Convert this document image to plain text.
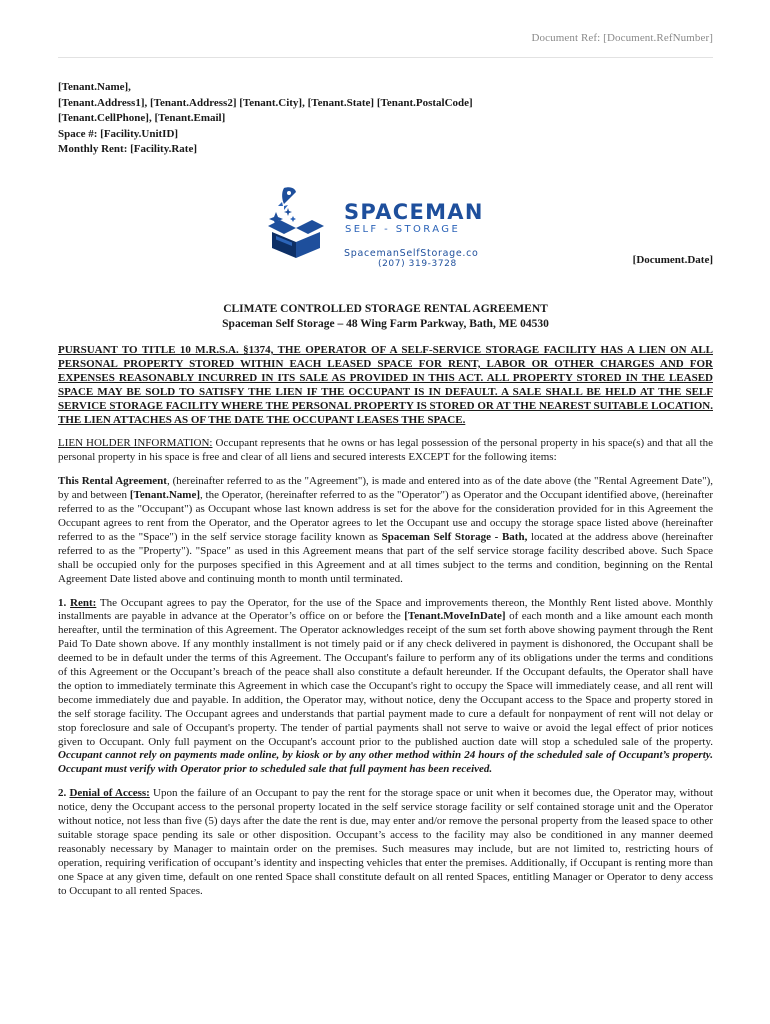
Document Ref: [Document.RefNumber]
[Tenant.Name],
[Tenant.Address1], [Tenant.Address2] [Tenant.City], [Tenant.State] [Tenant.PostalCode]
[Tenant.CellPhone], [Tenant.Email]
Space #: [Facility.UnitID]
Monthly Rent: [Facility.Rate]
SPACEMAN
SELF - STORAGE
SpacemanSelfStorage.co
(207) 319-3728	[Document.Date]
CLIMATE CONTROLLED STORAGE RENTAL AGREEMENT
Spaceman Self Storage – 48 Wing Farm Parkway, Bath, ME 04530

PURSUANT TO TITLE 10 M.R.S.A. §1374, THE OPERATOR OF A SELF-SERVICE STORAGE FACILITY HAS A LIEN ON ALL PERSONAL PROPERTY STORED WITHIN EACH LEASED SPACE FOR RENT, LABOR OR OTHER CHARGES AND FOR EXPENSES REASONABLY INCURRED IN ITS SALE AS PROVIDED IN THIS ACT. ALL PROPERTY STORED IN THE LEASED SPACE MAY BE SOLD TO SATISFY THE LIEN IF THE OCCUPANT IS IN DEFAULT. A SALE SHALL BE HELD AT THE SELF SERVICE STORAGE FACILITY WHERE THE PERSONAL PROPERTY IS STORED OR AT THE NEAREST SUITABLE LOCATION. THE LIEN ATTACHES AS OF THE DATE THE OCCUPANT LEASES THE SPACE.

LIEN HOLDER INFORMATION: Occupant represents that he owns or has legal possession of the personal property in his space(s) and that all the personal property in his space is free and clear of all liens and secured interests EXCEPT for the following items:

This Rental Agreement, (hereinafter referred to as the "Agreement"), is made and entered into as of the date above (the "Rental Agreement Date"), by and between [Tenant.Name], the Operator, (hereinafter referred to as the "Operator") as Operator and the Occupant identified above, (hereinafter referred to as the "Occupant") as Occupant whose last known address is set for the above for the consideration provided for in this Agreement the Occupant agrees to rent from the Operator, and the Operator agrees to let the Occupant use and occupy the storage space listed above (hereinafter referred to as the "Space") in the self service storage facility known as Spaceman Self Storage - Bath, located at the address above (hereinafter referred to as the "Property"). "Space" as used in this Agreement means that part of the self service storage facility described above. Such Space shall be occupied only for the purposes specified in this Agreement and at all times subject to the terms and condition, beginning on the Rental Agreement Date listed above and continuing month to month until terminated.

1. Rent: The Occupant agrees to pay the Operator, for the use of the Space and improvements thereon, the Monthly Rent listed above. Monthly installments are payable in advance at the Operator’s office on or before the [Tenant.MoveInDate] of each month and a like amount each month hereafter, until the termination of this Agreement. The Operator acknowledges receipt of the sum set forth above showing payment through the Rent Paid To Date shown above. If any monthly installment is not timely paid or if any check delivered in payment is dishonored, the Occupant shall be deemed to be in default under the terms of this Agreement. The Occupant's failure to perform any of its obligations under the terms and conditions of this Agreement or the Occupant’s breach of the peace shall also constitute a default hereunder. If the Occupant defaults, the Operator shall have the option to immediately terminate this Agreement in which case the Occupant's right to occupy the Space will immediately cease, and all rent will become immediately due and payable. In addition, the Operator may, without notice, deny the Occupant access to the Space and property stored in the self storage facility. The Occupant agrees and understands that partial payment made to cure a default for nonpayment of rent will not delay or stop foreclosure and sale of Occupant's property. The tender of partial payments shall not serve to waive or avoid the legal effect of prior notices given to Occupant. Only full payment on the Occupant's account prior to the published auction date will stop a scheduled sale of the property. Occupant cannot rely on payments made online, by kiosk or by any other method within 24 hours of the scheduled sale of Occupant’s property. Occupant must verify with Operator prior to scheduled sale that full payment has been received.

2. Denial of Access: Upon the failure of an Occupant to pay the rent for the storage space or unit when it becomes due, the Operator may, without notice, deny the Occupant access to the personal property located in the self service storage facility or self contained storage unit and the Operator without notice, not less than five (5) days after the date the rent is due, may enter and/or remove the personal property from the leased space to other suitable storage space pending its sale or other disposition. Occupant’s access to the facility may also be conditioned in any manner deemed reasonably necessary by Manager to maintain order on the premises. Such measures may include, but are not limited to, restricting hours of operation, requiring verification of occupant’s identity and inspecting vehicles that enter the premises. Additionally, if Occupant is renting more than one Space at any given time, default on one rented Space shall constitute default on all rented Spaces, entitling Manager or Operator to deny access to Occupant to all rented Spaces.
